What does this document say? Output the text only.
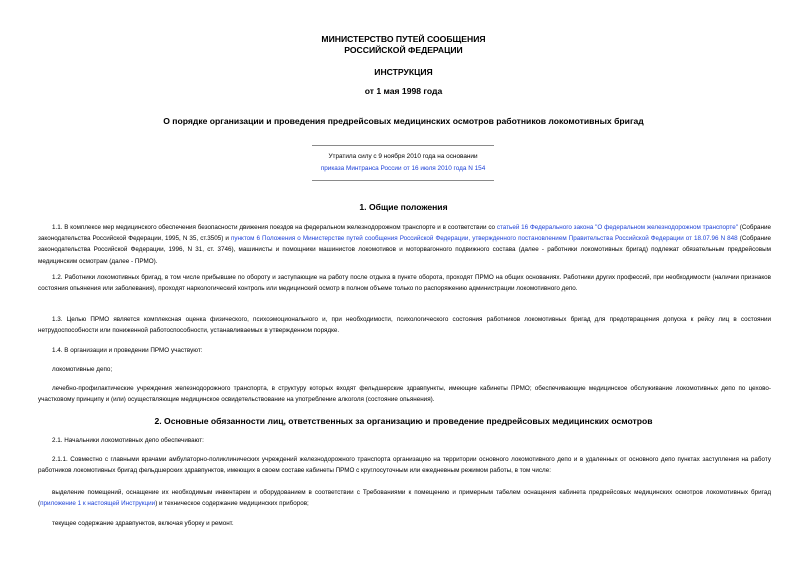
МИНИСТЕРСТВО ПУТЕЙ СООБЩЕНИЯ
РОССИЙСКОЙ ФЕДЕРАЦИИ
ИНСТРУКЦИЯ
от 1 мая 1998 года
О порядке организации и проведения предрейсовых медицинских осмотров работников локомотивных бригад
Утратила силу с 9 ноября 2010 года на основании
приказа Минтранса России от 16 июля 2010 года N 154
1. Общие положения

1.1. В комплексе мер медицинского обеспечения безопасности движения поездов на федеральном железнодорожном транспорте и в соответствии со статьей 16 Федерального закона "О федеральном железнодорожном транспорте" (Собрание законодательства Российской Федерации, 1995, N 35, ст.3505) и пунктом 6 Положения о Министерстве путей сообщения Российской Федерации, утвержденного постановлением Правительства Российской Федерации от 18.07.96 N 848 (Собрание законодательства Российской Федерации, 1996, N 31, ст. 3746), машинисты и помощники машинистов локомотивов и моторвагонного подвижного состава (далее - работники локомотивных бригад) подлежат обязательным предрейсовым медицинским осмотрам (далее - ПРМО).

1.2. Работники локомотивных бригад, в том числе прибывшие по обороту и заступающие на работу после отдыха в пункте оборота, проходят ПРМО на общих основаниях. Работники других профессий, при необходимости (наличии признаков состояния опьянения или заболевания), проходят наркологический контроль или медицинский осмотр в полном объеме только по распоряжению администрации локомотивного депо.

1.3. Целью ПРМО является комплексная оценка физического, психоэмоционального и, при необходимости, психологического состояния работников локомотивных бригад для предотвращения допуска к рейсу лиц в состоянии нетрудоспособности или пониженной работоспособности, устанавливаемых в утвержденном порядке.

1.4. В организации и проведении ПРМО участвуют:

локомотивные депо;

лечебно-профилактические учреждения железнодорожного транспорта, в структуру которых входят фельдшерские здравпункты, имеющие кабинеты ПРМО; обеспечивающие медицинское обслуживание локомотивных депо по цехово-участковому принципу и (или) осуществляющие медицинское освидетельствование на употребление алкоголя (состояние опьянения).

2. Основные обязанности лиц, ответственных за организацию и проведение предрейсовых медицинских осмотров

2.1. Начальники локомотивных депо обеспечивают:

2.1.1. Совместно с главными врачами амбулаторно-поликлинических учреждений железнодорожного транспорта организацию на территории основного локомотивного депо и в удаленных от основного депо пунктах заступления на работу работников локомотивных бригад фельдшерских здравпунктов, имеющих в своем составе кабинеты ПРМО с круглосуточным или ежедневным режимом работы, в том числе:

выделение помещений, оснащение их необходимым инвентарем и оборудованием в соответствии с Требованиями к помещению и примерным табелем оснащения кабинета предрейсовых медицинских осмотров локомотивных бригад (приложение 1 к настоящей Инструкции) и техническое содержание медицинских приборов;

текущее содержание здравпунктов, включая уборку и ремонт.
